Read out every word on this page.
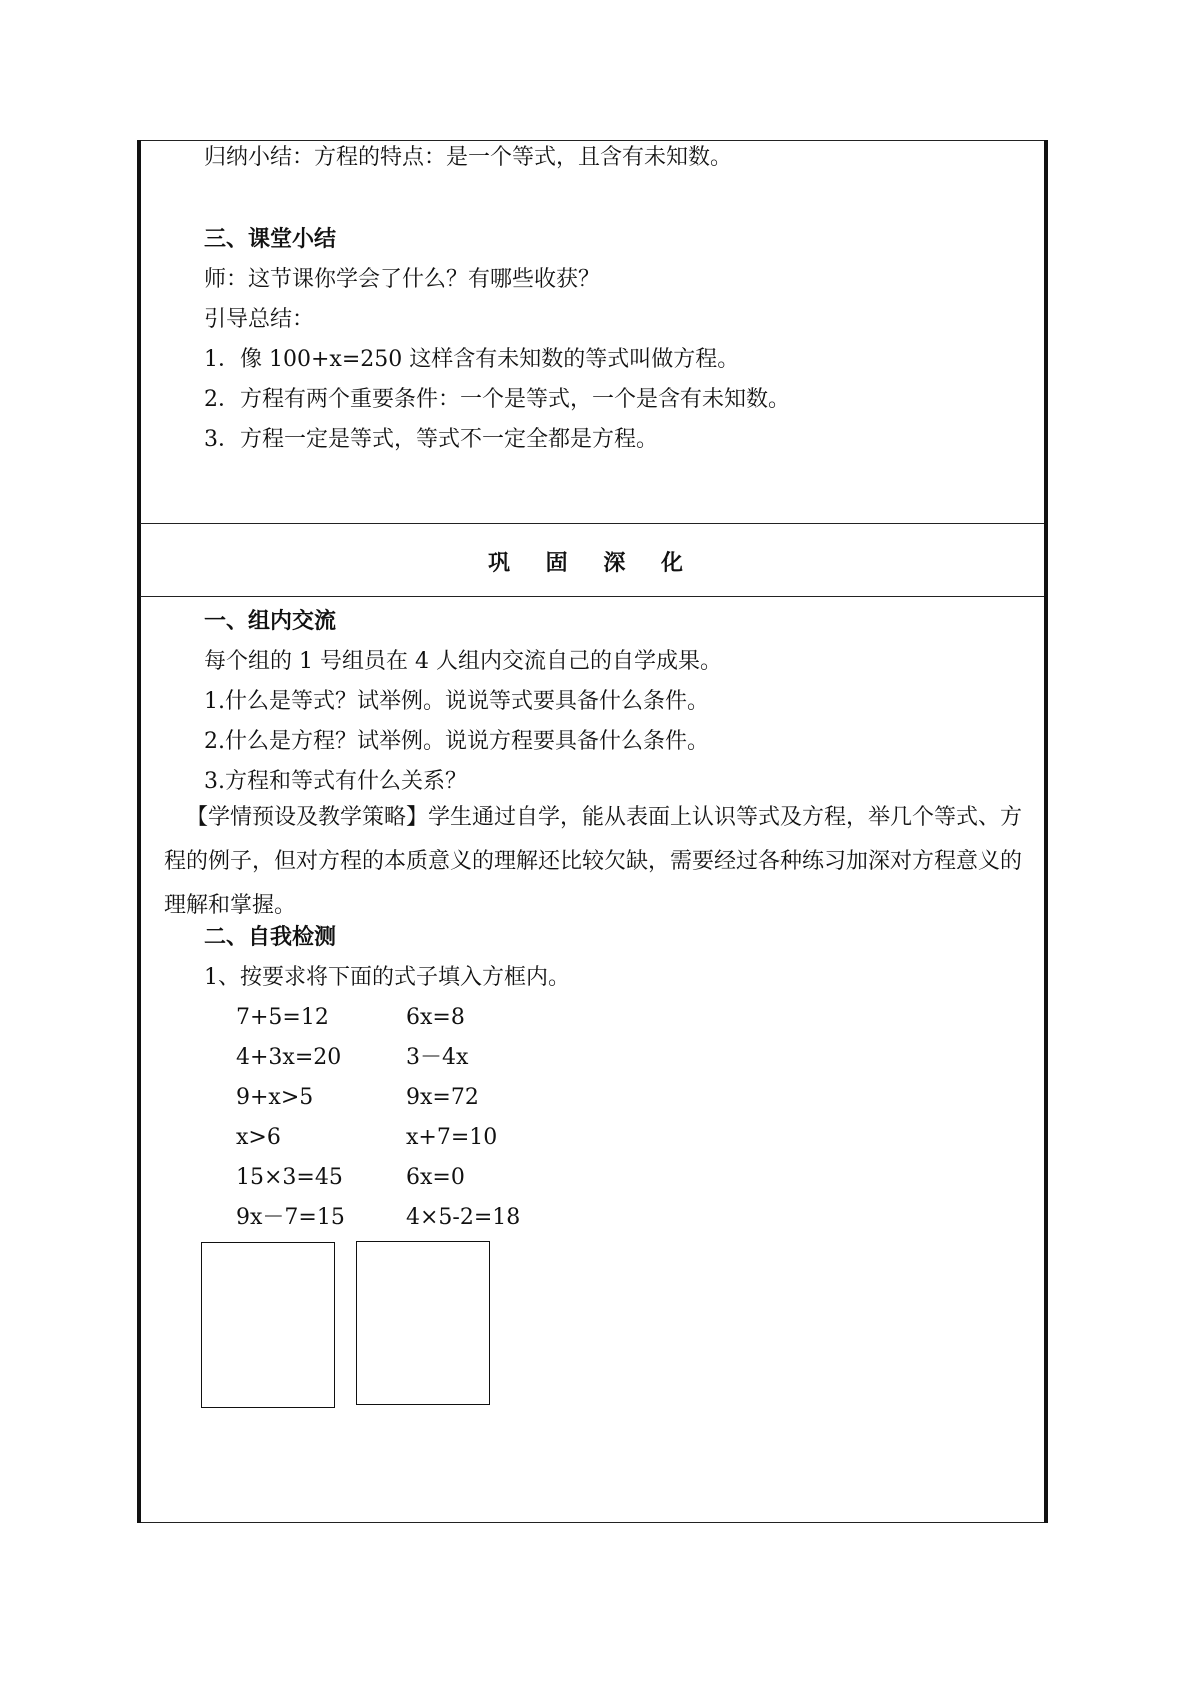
归纳小结：方程的特点：是一个等式，且含有未知数。
三、课堂小结
师：这节课你学会了什么？有哪些收获？
引导总结：
1．像 100+x=250 这样含有未知数的等式叫做方程。
2．方程有两个重要条件：一个是等式，一个是含有未知数。
3．方程一定是等式，等式不一定全都是方程。
巩 固 深 化
一、组内交流
每个组的 1 号组员在 4 人组内交流自己的自学成果。
1.什么是等式？试举例。说说等式要具备什么条件。
2.什么是方程？试举例。说说方程要具备什么条件。
3.方程和等式有什么关系？
【学情预设及教学策略】学生通过自学，能从表面上认识等式及方程，举几个等式、方程的例子，但对方程的本质意义的理解还比较欠缺，需要经过各种练习加深对方程意义的理解和掌握。
二、自我检测
1、按要求将下面的式子填入方框内。
7+5=12	6x=8
4+3x=20	3－4x
9+x>5	9x=72
x>6	x+7=10
15×3=45	6x=0
9x－7=15	4×5-2=18
